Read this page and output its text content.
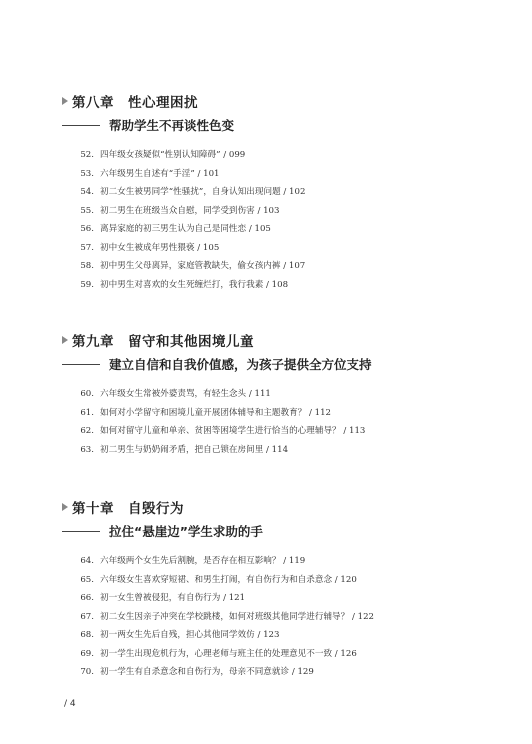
第八章 性心理困扰
帮助学生不再谈性色变
52. 四年级女孩疑似“性别认知障碍” / 099
53. 六年级男生自述有“手淫” / 101
54. 初二女生被男同学“性骚扰”，自身认知出现问题 / 102
55. 初二男生在班级当众自慰，同学受到伤害 / 103
56. 离异家庭的初三男生认为自己是同性恋 / 105
57. 初中女生被成年男性猥亵 / 105
58. 初中男生父母离异，家庭管教缺失，偷女孩内裤 / 107
59. 初中男生对喜欢的女生死缠烂打，我行我素 / 108
第九章 留守和其他困境儿童
建立自信和自我价值感，为孩子提供全方位支持
60. 六年级女生常被外婆责骂，有轻生念头 / 111
61. 如何对小学留守和困境儿童开展团体辅导和主题教育？ / 112
62. 如何对留守儿童和单亲、贫困等困境学生进行恰当的心理辅导？ / 113
63. 初二男生与奶奶闹矛盾，把自己锁在房间里 / 114
第十章 自毁行为
拉住“悬崖边”学生求助的手
64. 六年级两个女生先后割腕，是否存在相互影响？ / 119
65. 六年级女生喜欢穿短裙、和男生打闹，有自伤行为和自杀意念 / 120
66. 初一女生曾被侵犯，有自伤行为 / 121
67. 初二女生因亲子冲突在学校跳楼，如何对班级其他同学进行辅导？ / 122
68. 初一两女生先后自残，担心其他同学效仿 / 123
69. 初一学生出现危机行为，心理老师与班主任的处理意见不一致 / 126
70. 初一学生有自杀意念和自伤行为，母亲不同意就诊 / 129
/ 4
